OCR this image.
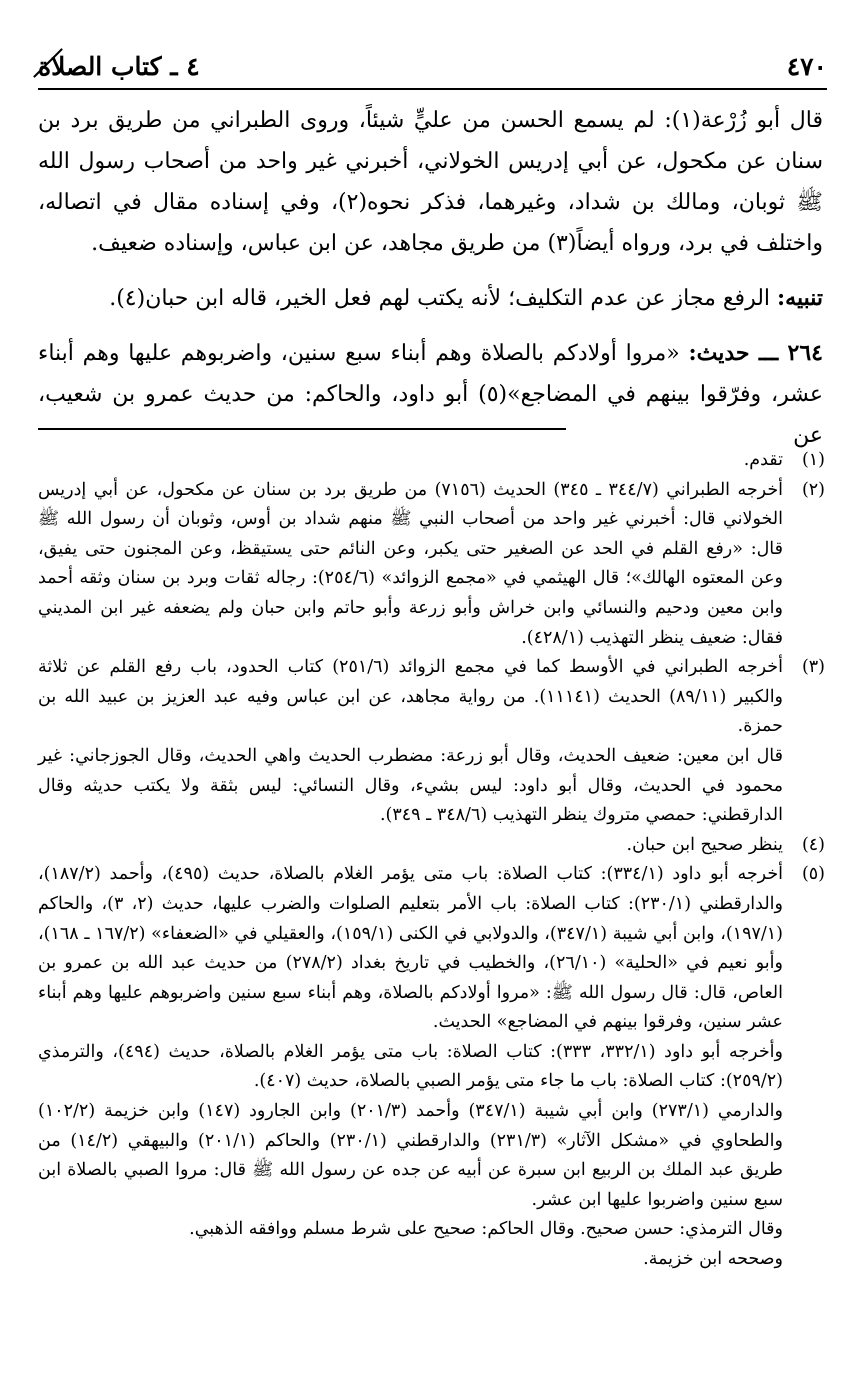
٤٧٠
٤ ـ كتاب الصلاة

قال أبو زُرْعة(١): لم يسمع الحسن من عليٍّ شيئاً، وروى الطبراني من طريق برد بن سنان عن مكحول، عن أبي إدريس الخولاني، أخبرني غير واحد من أصحاب رسول الله ﷺ ثوبان، ومالك بن شداد، وغيرهما، فذكر نحوه(٢)، وفي إسناده مقال في اتصاله، واختلف في برد، ورواه أيضاً(٣) من طريق مجاهد، عن ابن عباس، وإسناده ضعيف.

تنبيه: الرفع مجاز عن عدم التكليف؛ لأنه يكتب لهم فعل الخير، قاله ابن حبان(٤).

٢٦٤ ـــ حديث: «مروا أولادكم بالصلاة وهم أبناء سبع سنين، واضربوهم عليها وهم أبناء عشر، وفرّقوا بينهم في المضاجع»(٥) أبو داود، والحاكم: من حديث عمرو بن شعيب، عن

(١)

تقدم.

(٢)

أخرجه الطبراني (٣٤٤/٧ ـ ٣٤٥) الحديث (٧١٥٦) من طريق برد بن سنان عن مكحول، عن أبي إدريس الخولاني قال: أخبرني غير واحد من أصحاب النبي ﷺ منهم شداد بن أوس، وثوبان أن رسول الله ﷺ قال: «رفع القلم في الحد عن الصغير حتى يكبر، وعن النائم حتى يستيقظ، وعن المجنون حتى يفيق، وعن المعتوه الهالك»؛ قال الهيثمي في «مجمع الزوائد» (٢٥٤/٦): رجاله ثقات وبرد بن سنان وثقه أحمد وابن معين ودحيم والنسائي وابن خراش وأبو زرعة وأبو حاتم وابن حبان ولم يضعفه غير ابن المديني فقال: ضعيف ينظر التهذيب (٤٢٨/١).

(٣)

أخرجه الطبراني في الأوسط كما في مجمع الزوائد (٢٥١/٦) كتاب الحدود، باب رفع القلم عن ثلاثة والكبير (٨٩/١١) الحديث (١١١٤١). من رواية مجاهد، عن ابن عباس وفيه عبد العزيز بن عبيد الله بن حمزة.

قال ابن معين: ضعيف الحديث، وقال أبو زرعة: مضطرب الحديث واهي الحديث، وقال الجوزجاني: غير محمود في الحديث، وقال أبو داود: ليس بشيء، وقال النسائي: ليس بثقة ولا يكتب حديثه وقال الدارقطني: حمصي متروك ينظر التهذيب (٣٤٨/٦ ـ ٣٤٩).

(٤)

ينظر صحيح ابن حبان.

(٥)

أخرجه أبو داود (٣٣٤/١): كتاب الصلاة: باب متى يؤمر الغلام بالصلاة، حديث (٤٩٥)، وأحمد (١٨٧/٢)، والدارقطني (٢٣٠/١): كتاب الصلاة: باب الأمر بتعليم الصلوات والضرب عليها، حديث (٢، ٣)، والحاكم (١٩٧/١)، وابن أبي شيبة (٣٤٧/١)، والدولابي في الكنى (١٥٩/١)، والعقيلي في «الضعفاء» (١٦٧/٢ ـ ١٦٨)، وأبو نعيم في «الحلية» (٢٦/١٠)، والخطيب في تاريخ بغداد (٢٧٨/٢) من حديث عبد الله بن عمرو بن العاص، قال: قال رسول الله ﷺ: «مروا أولادكم بالصلاة، وهم أبناء سبع سنين واضربوهم عليها وهم أبناء عشر سنين، وفرقوا بينهم في المضاجع» الحديث.

وأخرجه أبو داود (٣٣٢/١، ٣٣٣): كتاب الصلاة: باب متى يؤمر الغلام بالصلاة، حديث (٤٩٤)، والترمذي (٢٥٩/٢): كتاب الصلاة: باب ما جاء متى يؤمر الصبي بالصلاة، حديث (٤٠٧).

والدارمي (٢٧٣/١) وابن أبي شيبة (٣٤٧/١) وأحمد (٢٠١/٣) وابن الجارود (١٤٧) وابن خزيمة (١٠٢/٢) والطحاوي في «مشكل الآثار» (٢٣١/٣) والدارقطني (٢٣٠/١) والحاكم (٢٠١/١) والبيهقي (١٤/٢) من طريق عبد الملك بن الربيع ابن سبرة عن أبيه عن جده عن رسول الله ﷺ قال: مروا الصبي بالصلاة ابن سبع سنين واضربوا عليها ابن عشر.

وقال الترمذي: حسن صحيح. وقال الحاكم: صحيح على شرط مسلم ووافقه الذهبي.

وصححه ابن خزيمة.
